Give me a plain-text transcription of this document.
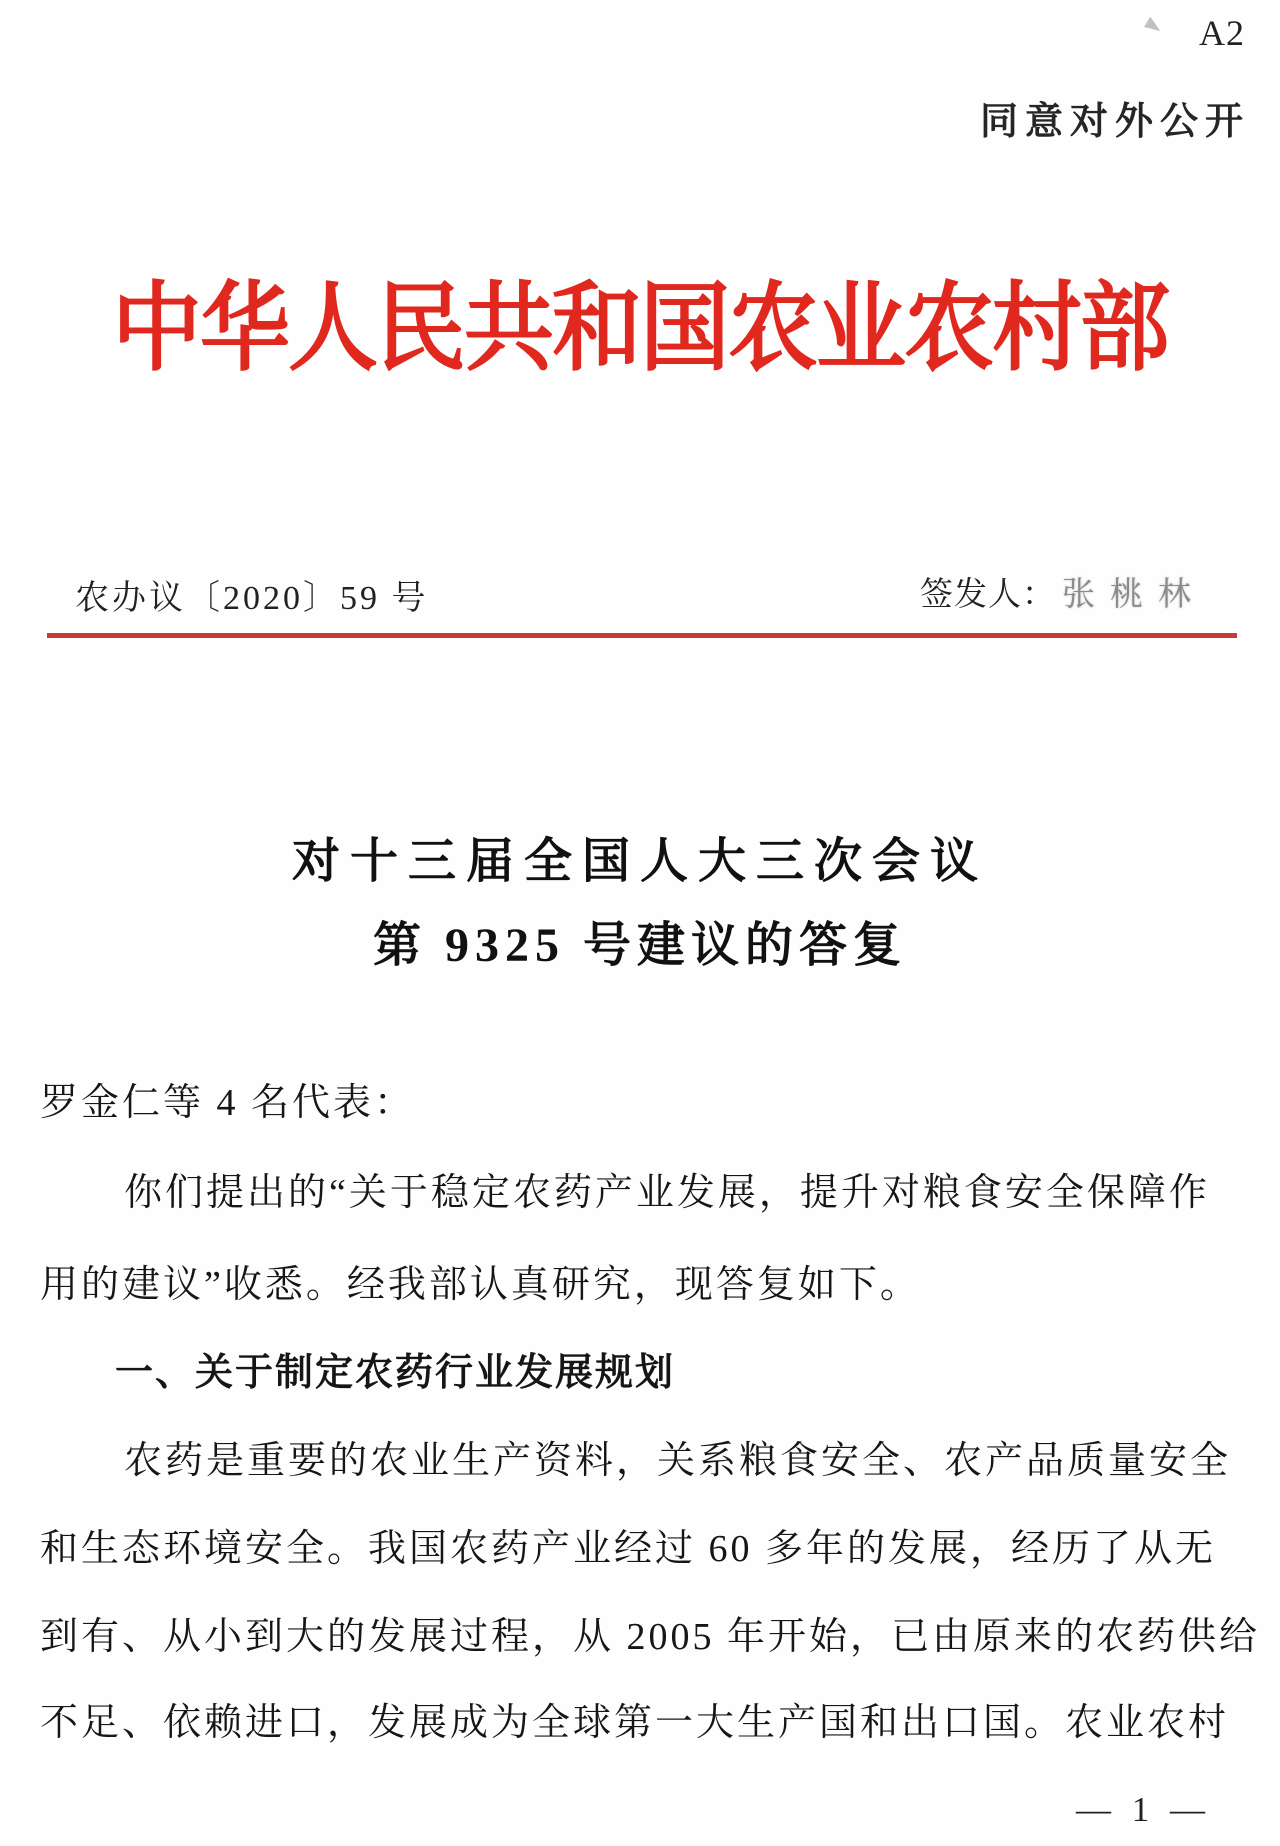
A2
同意对外公开
中华人民共和国农业农村部
农办议〔2020〕59 号	签发人： 张桃林
对十三届全国人大三次会议
第 9325 号建议的答复
罗金仁等 4 名代表：
你们提出的“关于稳定农药产业发展，提升对粮食安全保障作
用的建议”收悉。经我部认真研究，现答复如下。
一、关于制定农药行业发展规划
农药是重要的农业生产资料，关系粮食安全、农产品质量安全
和生态环境安全。我国农药产业经过 60 多年的发展，经历了从无
到有、从小到大的发展过程，从 2005 年开始，已由原来的农药供给
不足、依赖进口，发展成为全球第一大生产国和出口国。农业农村
— 1 —
